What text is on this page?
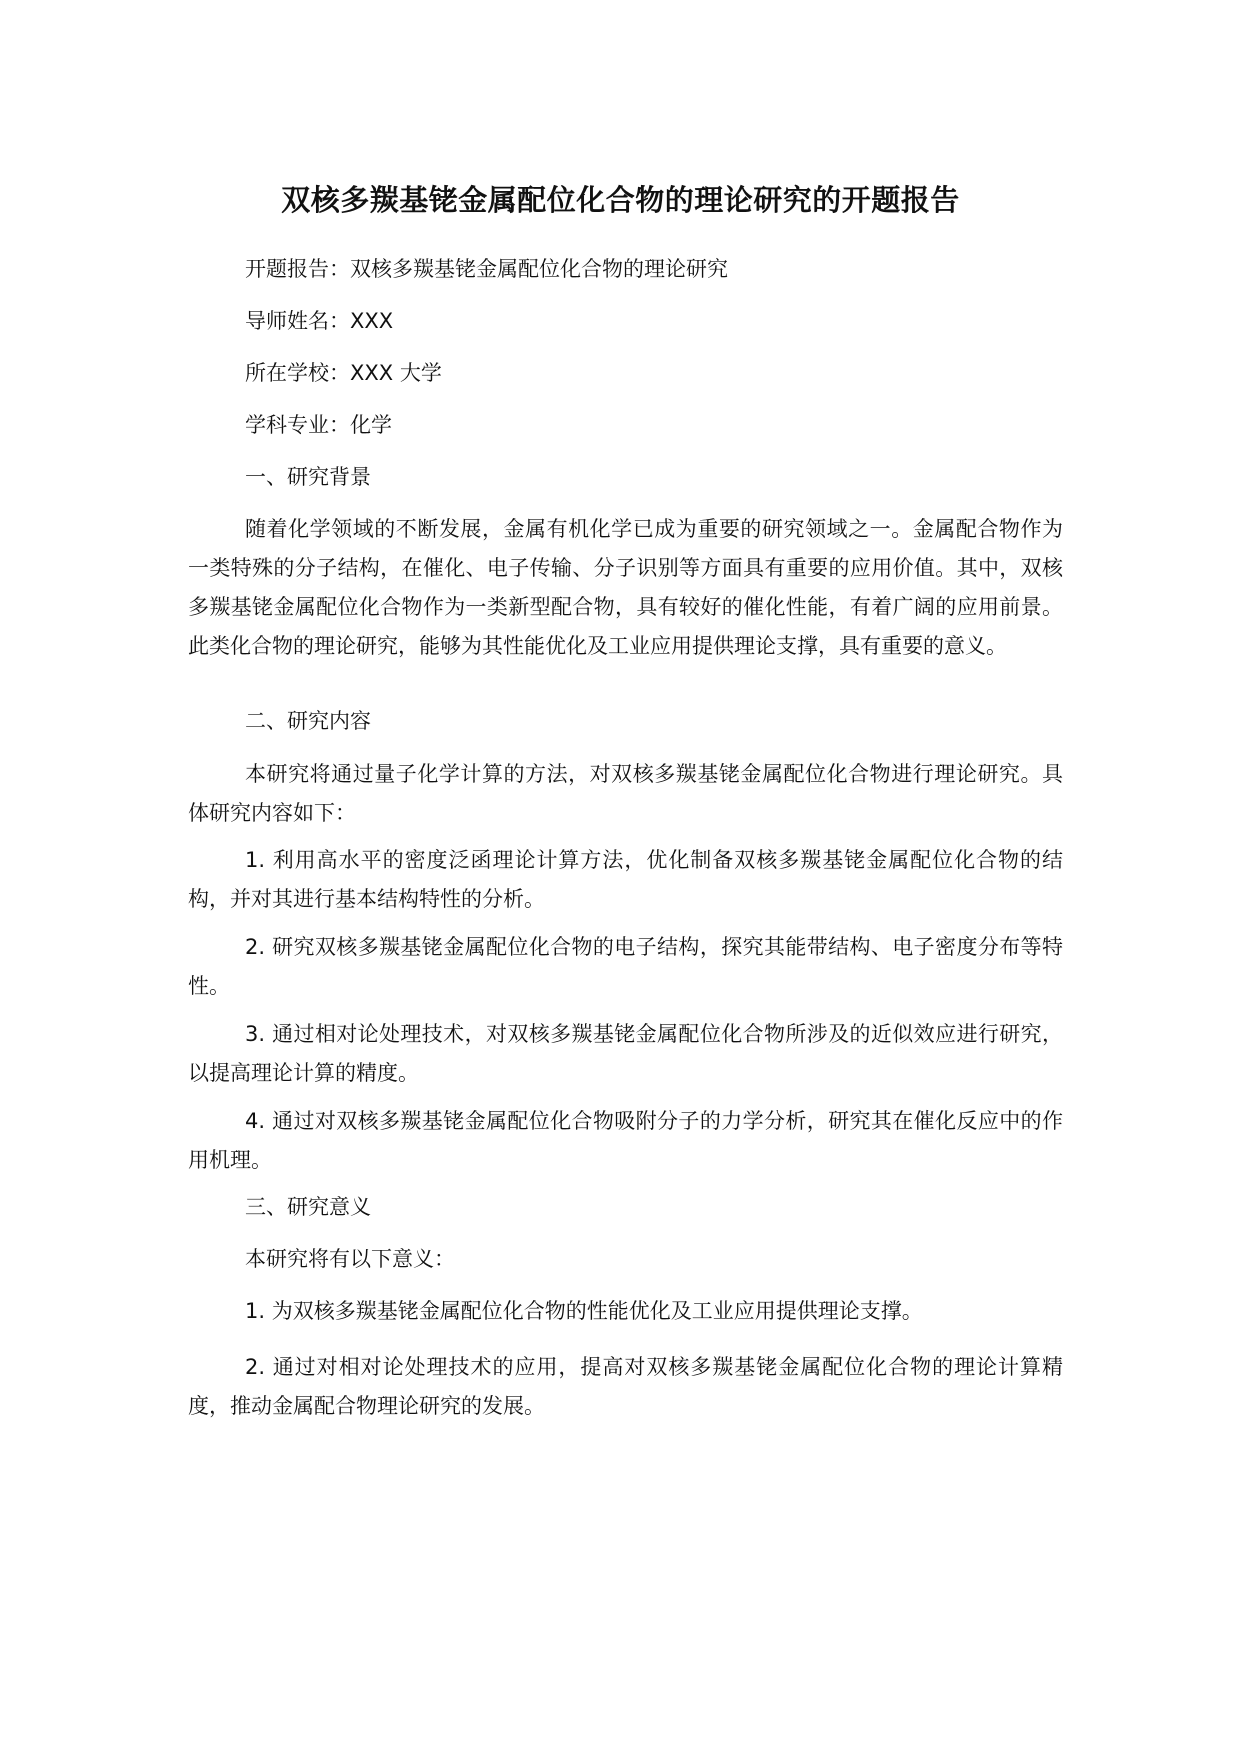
双核多羰基铑金属配位化合物的理论研究的开题报告

开题报告：双核多羰基铑金属配位化合物的理论研究

导师姓名：XXX

所在学校：XXX 大学

学科专业：化学

一、研究背景

随着化学领域的不断发展，金属有机化学已成为重要的研究领域之一。金属配合物作为一类特殊的分子结构，在催化、电子传输、分子识别等方面具有重要的应用价值。其中，双核多羰基铑金属配位化合物作为一类新型配合物，具有较好的催化性能，有着广阔的应用前景。此类化合物的理论研究，能够为其性能优化及工业应用提供理论支撑，具有重要的意义。

二、研究内容

本研究将通过量子化学计算的方法，对双核多羰基铑金属配位化合物进行理论研究。具体研究内容如下：

1. 利用高水平的密度泛函理论计算方法，优化制备双核多羰基铑金属配位化合物的结构，并对其进行基本结构特性的分析。

2. 研究双核多羰基铑金属配位化合物的电子结构，探究其能带结构、电子密度分布等特性。

3. 通过相对论处理技术，对双核多羰基铑金属配位化合物所涉及的近似效应进行研究，以提高理论计算的精度。

4. 通过对双核多羰基铑金属配位化合物吸附分子的力学分析，研究其在催化反应中的作用机理。

三、研究意义

本研究将有以下意义：

1. 为双核多羰基铑金属配位化合物的性能优化及工业应用提供理论支撑。

2. 通过对相对论处理技术的应用，提高对双核多羰基铑金属配位化合物的理论计算精度，推动金属配合物理论研究的发展。
